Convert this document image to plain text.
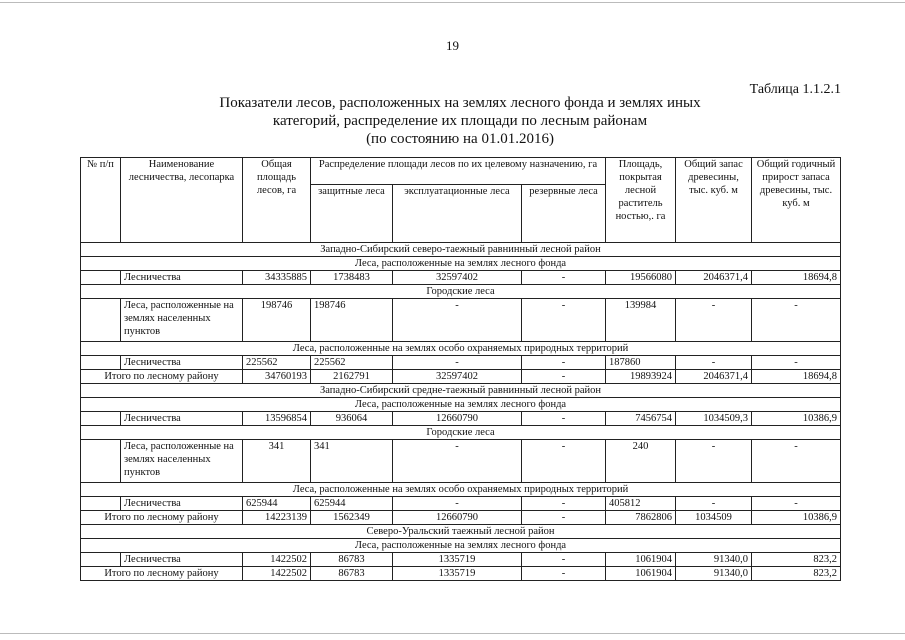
19
Таблица 1.1.2.1
Показатели лесов, расположенных на землях лесного фонда и землях иных
категорий, распределение их площади по лесным районам
(по состоянию на 01.01.2016)
№ п/п	Наименование лесничества, лесопарка	Общая площадь лесов, га	Распределение площади лесов по их целевому назначению, га			Площадь, покрытая лесной раститель ностью,. га	Общий запас древесины, тыс. куб. м	Общий годичный прирост запаса древесины, тыс. куб. м
			защитные леса	эксплуатационные леса	резервные леса			
Западно-Сибирский северо-таежный равнинный лесной район								
Леса, расположенные на землях лесного фонда								
	Лесничества	34335885	1738483	32597402	-	19566080	2046371,4	18694,8
Городские леса								
	Леса, расположенные на землях населенных пунктов	198746	198746	-	-	139984	-	-
Леса, расположенные на землях особо охраняемых природных территорий								
	Лесничества	225562	225562	-	-	187860	-	-
Итого по лесному району		34760193	2162791	32597402	-	19893924	2046371,4	18694,8
Западно-Сибирский средне-таежный равнинный лесной район								
Леса, расположенные на землях лесного фонда								
	Лесничества	13596854	936064	12660790	-	7456754	1034509,3	10386,9
Городские леса								
	Леса, расположенные на землях населенных пунктов	341	341	-	-	240	-	-
Леса, расположенные на землях особо охраняемых природных территорий								
	Лесничества	625944	625944	-	-	405812	-	-
Итого по лесному району		14223139	1562349	12660790	-	7862806	1034509	10386,9
Северо-Уральский таежный лесной район								
Леса, расположенные на землях лесного фонда								
	Лесничества	1422502	86783	1335719	-	1061904	91340,0	823,2
Итого по лесному району		1422502	86783	1335719	-	1061904	91340,0	823,2
